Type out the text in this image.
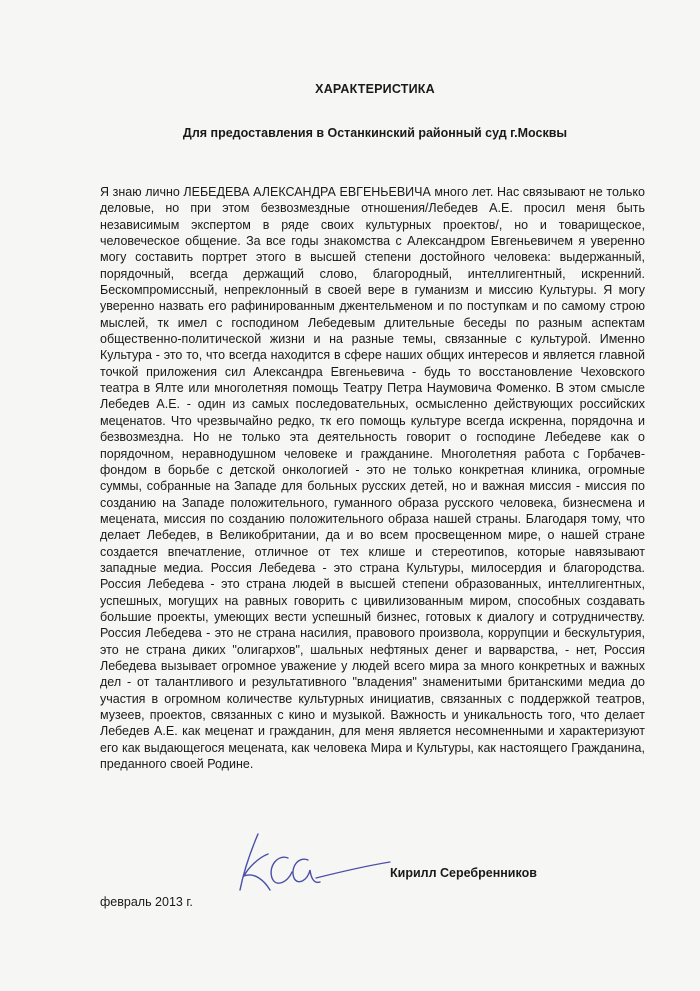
ХАРАКТЕРИСТИКА
Для предоставления в Останкинский районный суд г.Москвы

Я знаю лично ЛЕБЕДЕВА АЛЕКСАНДРА ЕВГЕНЬЕВИЧА много лет. Нас связывают не только деловые, но при этом безвозмездные отношения/Лебедев А.Е. просил меня быть независимым экспертом в ряде своих культурных проектов/, но и товарищеское, человеческое общение. За все годы знакомства с Александром Евгеньевичем я уверенно могу составить портрет этого в высшей степени достойного человека: выдержанный, порядочный, всегда держащий слово, благородный, интеллигентный, искренний. Бескомпромиссный, непреклонный в своей вере в гуманизм и миссию Культуры. Я могу уверенно назвать его рафинированным джентельменом и по поступкам и по самому строю мыслей, тк имел с господином Лебедевым длительные беседы по разным аспектам общественно-политической жизни и на разные темы, связанные с культурой. Именно Культура - это то, что всегда находится в сфере наших общих интересов и является главной точкой приложения сил Александра Евгеньевича - будь то восстановление Чеховского театра в Ялте или многолетняя помощь Театру Петра Наумовича Фоменко. В этом смысле Лебедев А.Е. - один из самых последовательных, осмысленно действующих российских меценатов. Что чрезвычайно редко, тк его помощь культуре всегда искренна, порядочна и безвозмездна. Но не только эта деятельность говорит о господине Лебедеве как о порядочном, неравнодушном человеке и гражданине. Многолетняя работа с Горбачев-фондом в борьбе с детской онкологией - это не только конкретная клиника, огромные суммы, собранные на Западе для больных русских детей, но и важная миссия - миссия по созданию на Западе положительного, гуманного образа русского человека, бизнесмена и мецената, миссия по созданию положительного образа нашей страны. Благодаря тому, что делает Лебедев, в Великобритании, да и во всем просвещенном мире, о нашей стране создается впечатление, отличное от тех клише и стереотипов, которые навязывают западные медиа. Россия Лебедева - это страна Культуры, милосердия и благородства. Россия Лебедева - это страна людей в высшей степени образованных, интеллигентных, успешных, могущих на равных говорить с цивилизованным миром, способных создавать большие проекты, умеющих вести успешный бизнес, готовых к диалогу и сотрудничеству. Россия Лебедева - это не страна насилия, правового произвола, коррупции и бескультурия, это не страна диких "олигархов", шальных нефтяных денег и варварства, - нет, Россия Лебедева вызывает огромное уважение у людей всего мира за много конкретных и важных дел - от талантливого и результативного "владения" знаменитыми британскими медиа до участия в огромном количестве культурных инициатив, связанных с поддержкой театров, музеев, проектов, связанных с кино и музыкой. Важность и уникальность того, что делает Лебедев А.Е. как меценат и гражданин, для меня является несомненными и характеризуют его как выдающегося мецената, как человека Мира и Культуры, как настоящего Гражданина, преданного своей Родине.

Кирилл Серебренников
февраль 2013 г.
